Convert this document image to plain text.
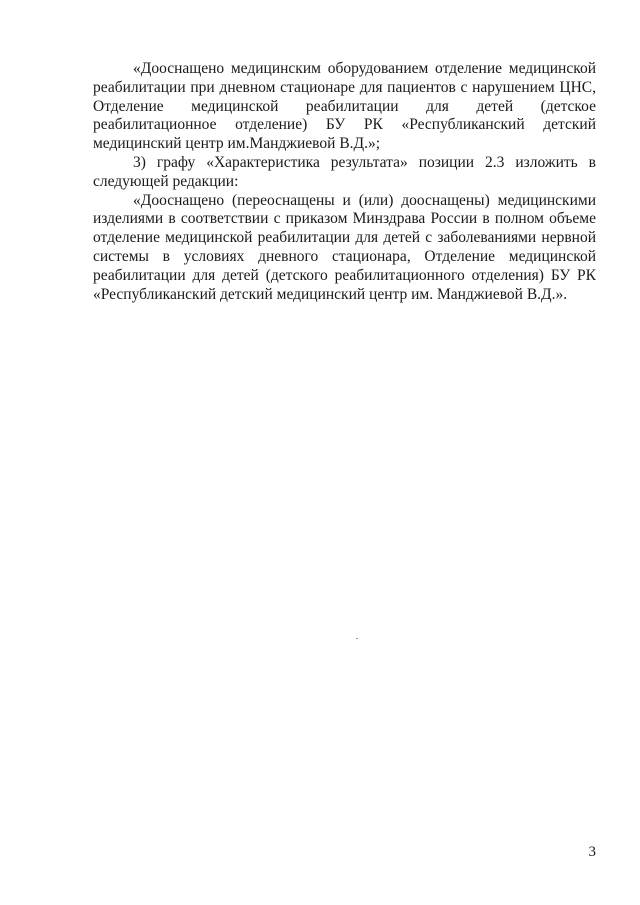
«Дооснащено медицинским оборудованием отделение медицинской реабилитации при дневном стационаре для пациентов с нарушением ЦНС, Отделение медицинской реабилитации для детей (детское реабилитационное отделение) БУ РК «Республиканский детский медицинский центр им.Манджиевой В.Д.»;

3) графу «Характеристика результата» позиции 2.3 изложить в следующей редакции:

«Дооснащено (переоснащены и (или) дооснащены) медицинскими изделиями в соответствии с приказом Минздрава России в полном объеме отделение медицинской реабилитации для детей с заболеваниями нервной системы в условиях дневного стационара, Отделение медицинской реабилитации для детей (детского реабилитационного отделения) БУ РК «Республиканский детский медицинский центр им. Манджиевой В.Д.».

3
